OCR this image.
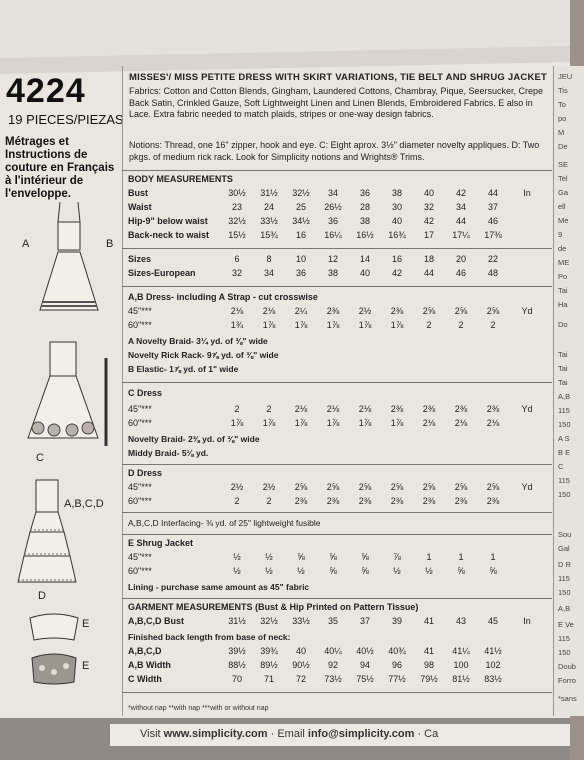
4224
19 PIECES/PIEZAS
Métrages et Instructions de couture en Français à l'intérieur de l'enveloppe.
A	B
C
A,B,C,D
D
E
E
MISSES'/ MISS PETITE DRESS WITH SKIRT VARIATIONS, TIE BELT AND SHRUG JACKET
Fabrics: Cotton and Cotton Blends, Gingham, Laundered Cottons, Chambray, Pique, Seersucker, Crepe Back Satin, Crinkled Gauze, Soft Lightweight Linen and Linen Blends, Embroidered Fabrics. E also in Lace. Extra fabric needed to match plaids, stripes or one-way design fabrics.
Notions: Thread, one 16" zipper, hook and eye. C: Eight aprox. 3½" diameter novelty appliques. D: Two pkgs. of medium rick rack. Look for Simplicity notions and Wrights® Trims.
BODY MEASUREMENTS
Bust	30½	31½	32½	34	36	38	40	42	44	In
Waist	23	24	25	26½	28	30	32	34	37
Hip-9" below waist	32½	33½	34½	36	38	40	42	44	46
Back-neck to waist	15½	15¾	16	16¼	16½	16¾	17	17¼	17⅜
Sizes	6	8	10	12	14	16	18	20	22
Sizes-European	32	34	36	38	40	42	44	46	48
A,B Dress- including A Strap - cut crosswise
45"***	2⅛	2⅛	2¼	2⅜	2½	2⅜	2⅝	2⅝	2⅝	Yd
60"***	1¾	1⅞	1⅞	1⅞	1⅞	1⅞	2	2	2
A Novelty Braid- 3¼ yd. of ⅜" wide
Novelty Rick Rack- 9⅞ yd. of ⅜" wide
B Elastic- 1⅞ yd. of 1" wide
C Dress
45"***	2	2	2⅛	2⅛	2⅛	2⅜	2⅜	2⅜	2⅜	Yd
60"***	1⅞	1⅞	1⅞	1⅞	1⅞	1⅞	2⅛	2⅛	2⅛
Novelty Braid- 2⅜ yd. of ⅜" wide
Middy Braid- 5⅛ yd.
D Dress
45"***	2½	2½	2⅝	2⅝	2⅝	2⅝	2⅝	2⅝	2⅝	Yd
60"***	2	2	2⅜	2⅜	2⅜	2⅜	2⅜	2⅜	2⅜
A,B,C,D Interfacing- ⅜ yd. of 25" lightweight fusible
E Shrug Jacket
45"***	½	½	⅝	⅝	⅝	⅞	1	1	1
60"***	½	½	½	⅝	⅝	½	½	⅝	⅝
Lining - purchase same amount as 45" fabric
GARMENT MEASUREMENTS (Bust & Hip Printed on Pattern Tissue)
A,B,C,D Bust	31½	32½	33½	35	37	39	41	43	45	In
Finished back length from base of neck:
A,B,C,D	39½	39¾	40	40¼	40½	40¾	41	41¼	41½
A,B Width	88½	89½	90½	92	94	96	98	100	102
C Width	70	71	72	73½	75½	77½	79½	81½	83½
*without nap **with nap ***with or without nap
JEU
Tis
To
po
M
De
SE
Tel
Ga
ell
Me
9
de
ME
Po
Tai
Ha
Do
Tai
Tai
Tai
A,B
115
150
A S
B E
C
115
150
Sou
Gal
D R
115
150
A,B
E Ve
115
150
Doub
Forro
*sans
Visit www.simplicity.com · Email info@simplicity.com · Ca
